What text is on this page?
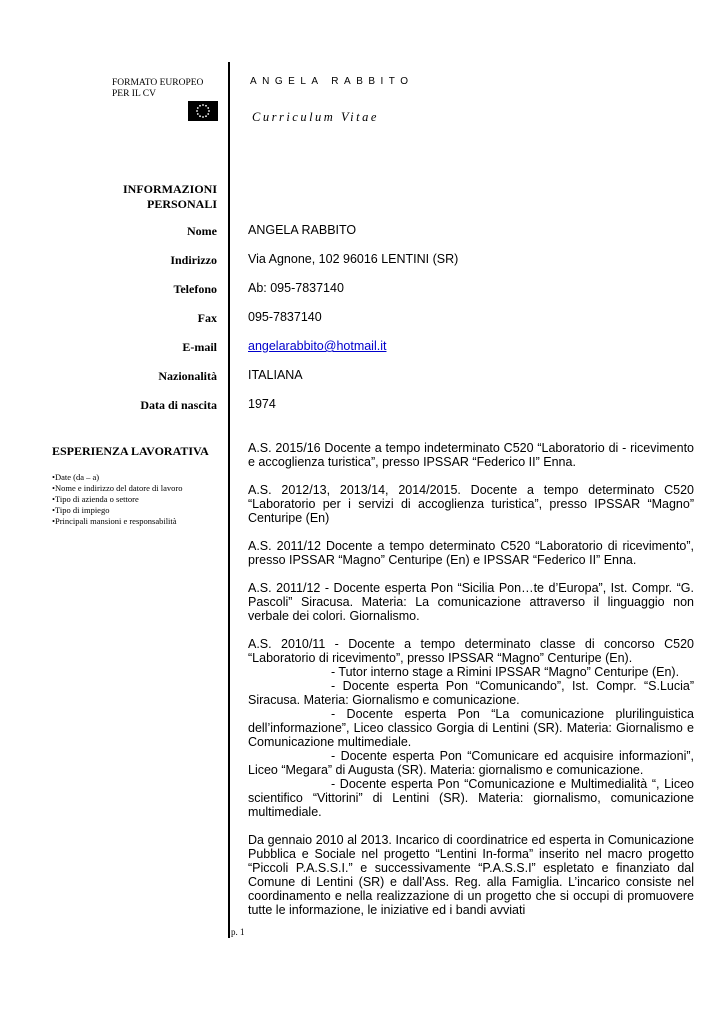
FORMATO EUROPEO
PER IL CV
ANGELA RABBITO
Curriculum Vitae
INFORMAZIONI
PERSONALI
Nome ANGELA RABBITO
Indirizzo Via Agnone, 102 96016 LENTINI (SR)
Telefono Ab: 095-7837140
Fax 095-7837140
E-mail angelarabbito@hotmail.it
Nazionalità ITALIANA
Data di nascita 1974
ESPERIENZA LAVORATIVA
• Date (da – a)
• Nome e indirizzo del datore di lavoro
• Tipo di azienda o settore
• Tipo di impiego
• Principali mansioni e responsabilità

A.S. 2015/16 Docente a tempo indeterminato C520 “Laboratorio di - ricevimento e accoglienza turistica”, presso IPSSAR “Federico II” Enna.

A.S. 2012/13, 2013/14, 2014/2015. Docente a tempo determinato C520 “Laboratorio per i servizi di accoglienza turistica”, presso IPSSAR “Magno” Centuripe (En)

A.S. 2011/12 Docente a tempo determinato C520 “Laboratorio di ricevimento”, presso IPSSAR “Magno” Centuripe (En) e IPSSAR “Federico II” Enna.

A.S. 2011/12 - Docente esperta Pon “Sicilia Pon…te d’Europa”, Ist. Compr. “G. Pascoli” Siracusa. Materia: La comunicazione attraverso il linguaggio non verbale dei colori. Giornalismo.

A.S. 2010/11 - Docente a tempo determinato classe di concorso C520 “Laboratorio di ricevimento”, presso IPSSAR “Magno” Centuripe (En).
- Tutor interno stage a Rimini IPSSAR “Magno” Centuripe (En).
- Docente esperta Pon “Comunicando”, Ist. Compr. “S.Lucia” Siracusa. Materia: Giornalismo e comunicazione.
- Docente esperta Pon “La comunicazione plurilinguistica dell’informazione”, Liceo classico Gorgia di Lentini (SR). Materia: Giornalismo e Comunicazione multimediale.
- Docente esperta Pon “Comunicare ed acquisire informazioni”, Liceo “Megara” di Augusta (SR). Materia: giornalismo e comunicazione.
- Docente esperta Pon “Comunicazione e Multimedialità “, Liceo scientifico “Vittorini” di Lentini (SR). Materia: giornalismo, comunicazione multimediale.

Da gennaio 2010 al 2013. Incarico di coordinatrice ed esperta in Comunicazione Pubblica e Sociale nel progetto “Lentini In-forma” inserito nel macro progetto “Piccoli P.A.S.S.I.” e successivamente “P.A.S.S.I” espletato e finanziato dal Comune di Lentini (SR) e dall’Ass. Reg. alla Famiglia. L’incarico consiste nel coordinamento e nella realizzazione di un progetto che si occupi di promuovere tutte le informazione, le iniziative ed i bandi avviati

p. 1
